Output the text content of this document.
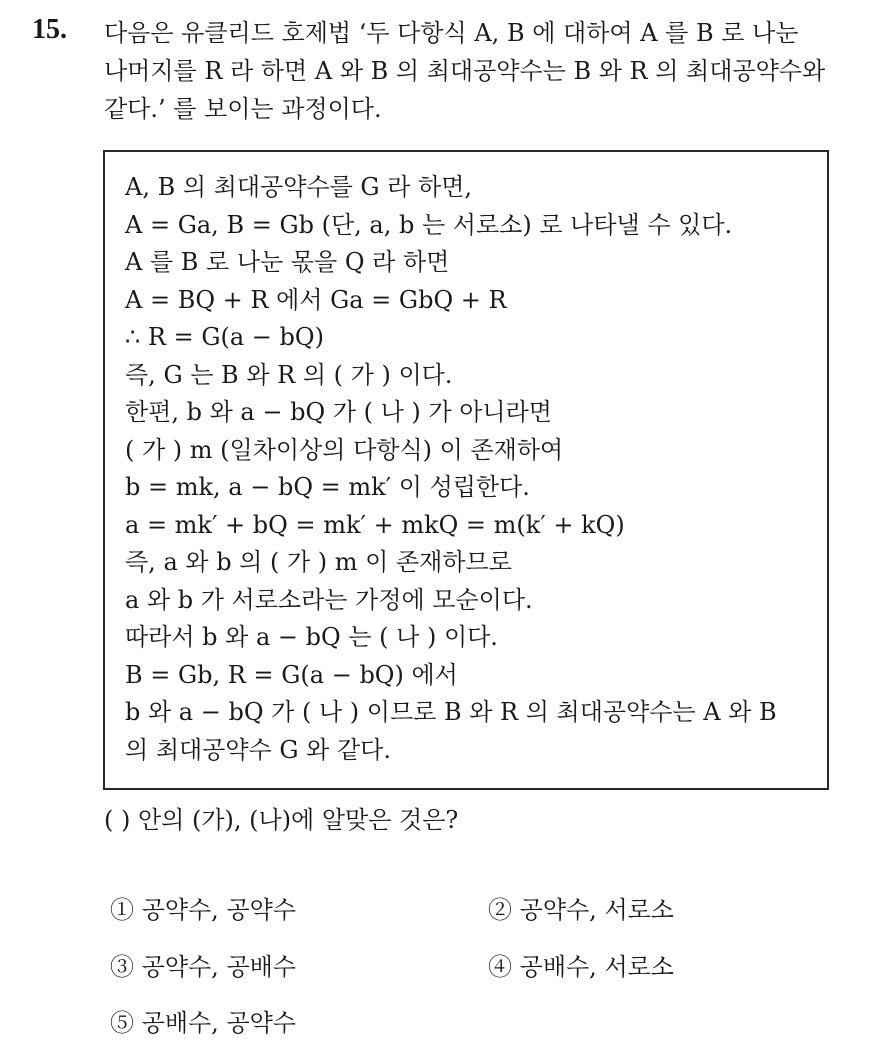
15. 다음은 유클리드 호제법 ‘두 다항식 A, B 에 대하여 A 를 B 로 나눈
나머지를 R 라 하면 A 와 B 의 최대공약수는 B 와 R 의 최대공약수와
같다.’ 를 보이는 과정이다.
A, B 의 최대공약수를 G 라 하면,
A = Ga, B = Gb (단, a, b 는 서로소) 로 나타낼 수 있다.
A 를 B 로 나눈 몫을 Q 라 하면
A = BQ + R 에서 Ga = GbQ + R
∴ R = G(a − bQ)
즉, G 는 B 와 R 의 ( 가 ) 이다.
한편, b 와 a − bQ 가 ( 나 ) 가 아니라면
( 가 ) m (일차이상의 다항식) 이 존재하여
b = mk, a − bQ = mk′ 이 성립한다.
a = mk′ + bQ = mk′ + mkQ = m(k′ + kQ)
즉, a 와 b 의 ( 가 ) m 이 존재하므로
a 와 b 가 서로소라는 가정에 모순이다.
따라서 b 와 a − bQ 는 ( 나 ) 이다.
B = Gb, R = G(a − bQ) 에서
b 와 a − bQ 가 ( 나 ) 이므로 B 와 R 의 최대공약수는 A 와 B
의 최대공약수 G 와 같다.
( ) 안의 (가), (나)에 알맞은 것은?
① 공약수, 공약수	② 공약수, 서로소
③ 공약수, 공배수	④ 공배수, 서로소
⑤ 공배수, 공약수
